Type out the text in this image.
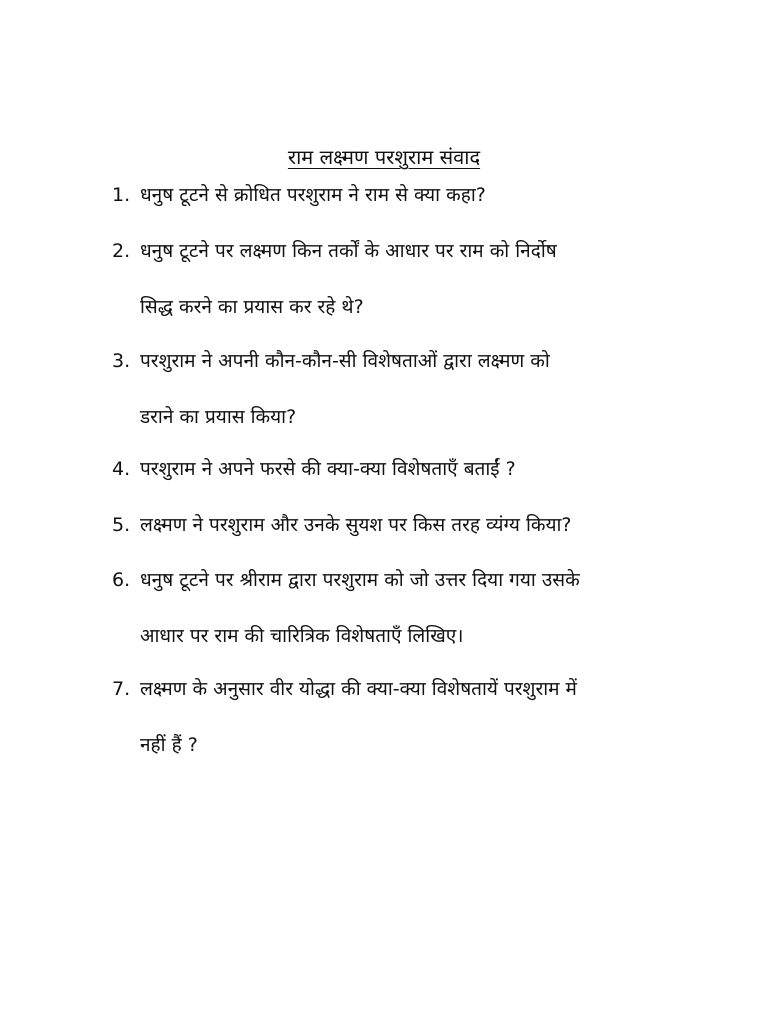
राम लक्ष्मण परशुराम संवाद
1. धनुष टूटने से क्रोधित परशुराम ने राम से क्या कहा?
2. धनुष टूटने पर लक्ष्मण किन तर्कों के आधार पर राम को निर्दोष
सिद्ध करने का प्रयास कर रहे थे?
3. परशुराम ने अपनी कौन-कौन-सी विशेषताओं द्वारा लक्ष्मण को
डराने का प्रयास किया?
4. परशुराम ने अपने फरसे की क्या-क्या विशेषताएँ बताईं ?
5. लक्ष्मण ने परशुराम और उनके सुयश पर किस तरह व्यंग्य किया?
6. धनुष टूटने पर श्रीराम द्वारा परशुराम को जो उत्तर दिया गया उसके
आधार पर राम की चारित्रिक विशेषताएँ लिखिए।
7. लक्ष्मण के अनुसार वीर योद्धा की क्या-क्या विशेषतायें परशुराम में
नहीं हैं ?
